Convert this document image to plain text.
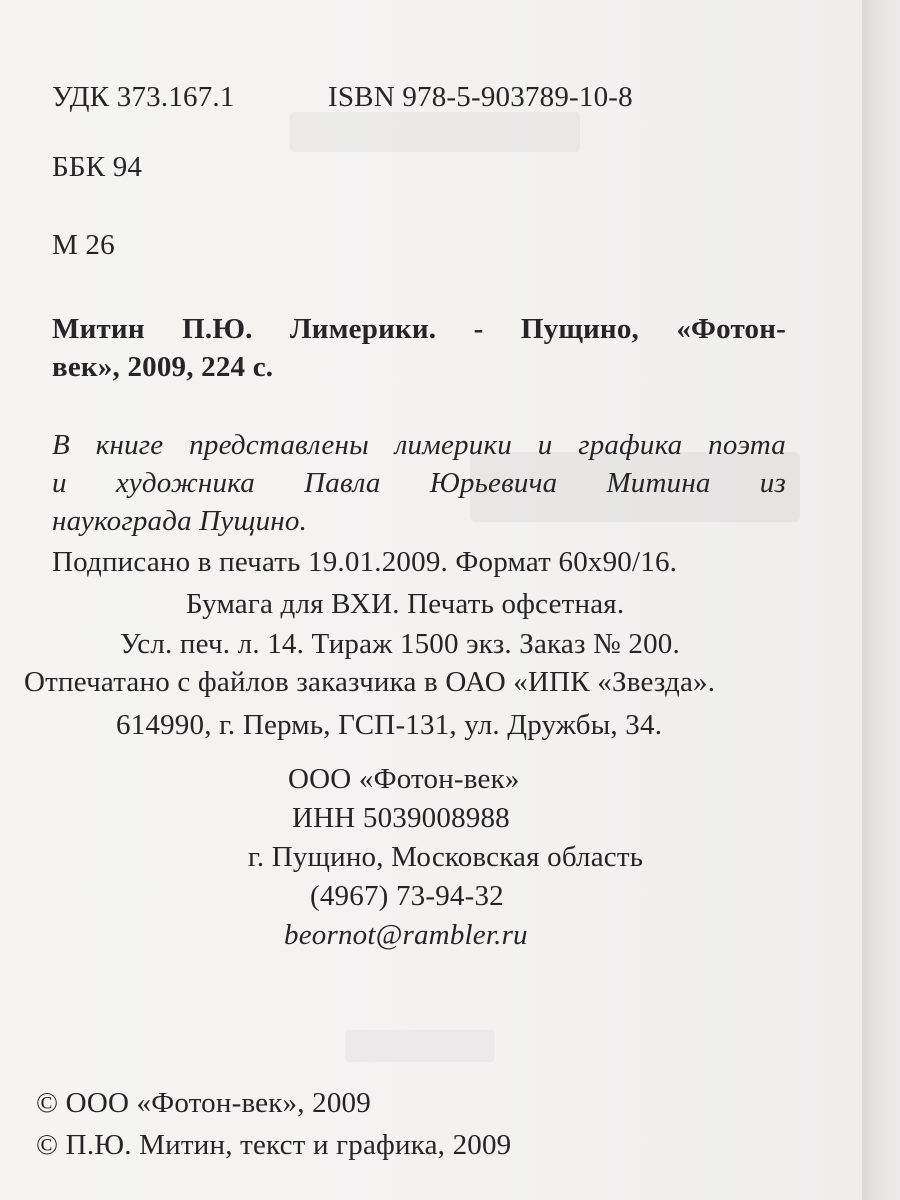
УДК 373.167.1	ISBN 978-5-903789-10-8
ББК 94
М 26
Митин П.Ю. Лимерики. - Пущино, «Фотон-
век», 2009, 224 с.
В книге представлены лимерики и графика поэта
и художника Павла Юрьевича Митина из
наукограда Пущино.
Подписано в печать 19.01.2009. Формат 60х90/16.
Бумага для ВХИ. Печать офсетная.
Усл. печ. л. 14. Тираж 1500 экз. Заказ № 200.
Отпечатано с файлов заказчика в ОАО «ИПК «Звезда».
614990, г. Пермь, ГСП-131, ул. Дружбы, 34.
ООО «Фотон-век»
ИНН 5039008988
г. Пущино, Московская область
(4967) 73-94-32
beornot@rambler.ru
© ООО «Фотон-век», 2009
© П.Ю. Митин, текст и графика, 2009
